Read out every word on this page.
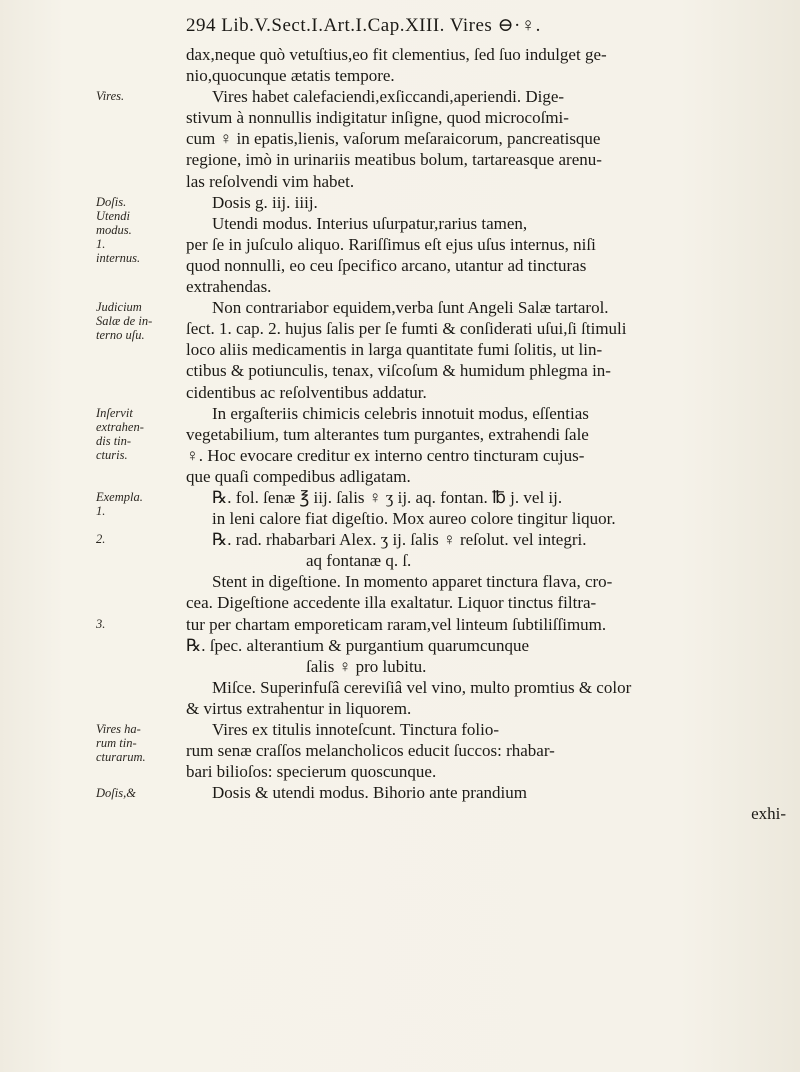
294 Lib.V.Sect.I.Art.I.Cap.XIII. Vires ⊖·♀.
dax,neque quò vetuſtius,eo fit clementius, ſed ſuo indulget ge-
nio,quocunque ætatis tempore.
Vires habet calefaciendi,exſiccandi,aperiendi. Dige-
stivum à nonnullis indigitatur inſigne, quod microcoſmi-
cum ♀ in epatis,lienis, vaſorum meſaraicorum, pancreatisque
regione, imò in urinariis meatibus bolum, tartareasque arenu-
las reſolvendi vim habet.
Dosis g. iij. iiij.
Utendi modus. Interius uſurpatur,rarius tamen,
per ſe in juſculo aliquo. Rariſſimus eſt ejus uſus internus, niſi
quod nonnulli, eo ceu ſpecifico arcano, utantur ad tincturas
extrahendas.
Non contrariabor equidem,verba ſunt Angeli Salæ tartarol.
ſect. 1. cap. 2. hujus ſalis per ſe fumti & conſiderati uſui,ſi ſtimuli
loco aliis medicamentis in larga quantitate fumi ſolitis, ut lin-
ctibus & potiunculis, tenax, viſcoſum & humidum phlegma in-
cidentibus ac reſolventibus addatur.
In ergaſteriis chimicis celebris innotuit modus, eſſentias
vegetabilium, tum alterantes tum purgantes, extrahendi ſale
♀. Hoc evocare creditur ex interno centro tincturam cujus-
que quaſi compedibus adligatam.
℞. fol. ſenæ ℥ iij. ſalis ♀ ʒ ij. aq. fontan. ℔ j. vel ij.
in leni calore fiat digeſtio. Mox aureo colore tingitur liquor.
℞. rad. rhabarbari Alex. ʒ ij. ſalis ♀ reſolut. vel integri.
aq fontanæ q. ſ.
Stent in digeſtione. In momento apparet tinctura flava, cro-
cea. Digeſtione accedente illa exaltatur. Liquor tinctus filtra-
tur per chartam emporeticam raram,vel linteum ſubtiliſſimum.
℞. ſpec. alterantium & purgantium quarumcunque
ſalis ♀ pro lubitu.
Miſce. Superinfuſâ cereviſiâ vel vino, multo promtius & color
& virtus extrahentur in liquorem.
Vires ex titulis innoteſcunt. Tinctura folio-
rum senæ craſſos melancholicos educit ſuccos: rhabar-
bari bilioſos: specierum quoscunque.
Dosis & utendi modus. Bihorio ante prandium
exhi-
Vires.
Doſis.
Utendi
modus.
1.
internus.
Judicium
Salæ de in-
terno uſu.
Inſervit
extrahen-
dis tin-
cturis.
Exempla.
1.
2.
3.
Vires ha-
rum tin-
cturarum.
Doſis,&
